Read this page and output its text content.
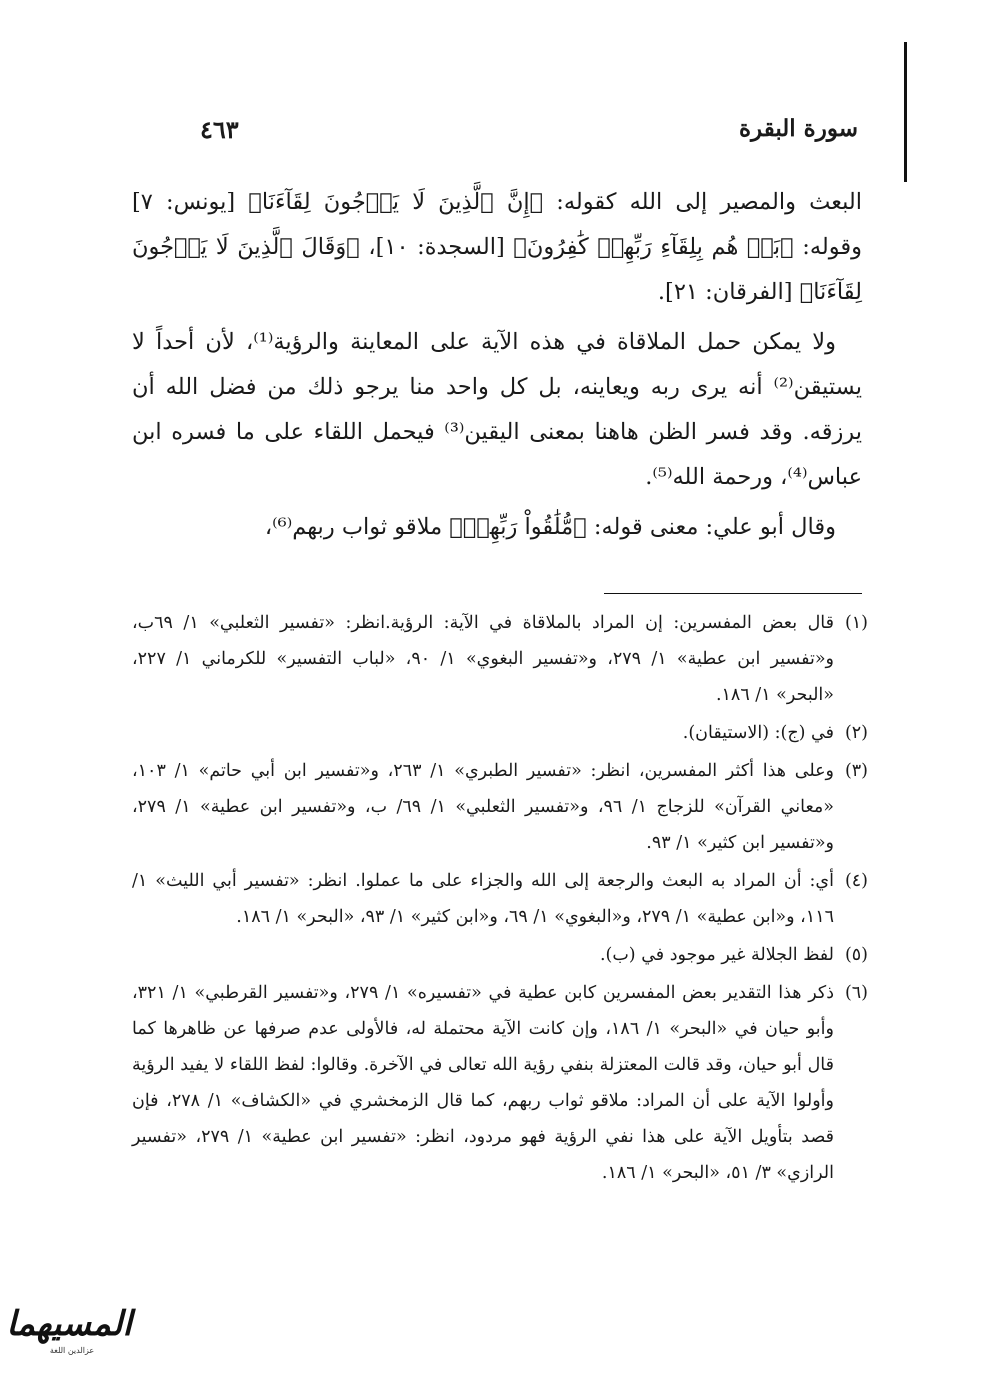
سورة البقرة
٤٦٣

البعث والمصير إلى الله كقوله: ﴿إِنَّ ٱلَّذِينَ لَا يَرۡجُونَ لِقَآءَنَا﴾ [يونس: ٧] وقوله: ﴿بَلۡ هُم بِلِقَآءِ رَبِّهِمۡ كَٰفِرُونَ﴾ [السجدة: ١٠]، ﴿وَقَالَ ٱلَّذِينَ لَا يَرۡجُونَ لِقَآءَنَا﴾ [الفرقان: ٢١].

ولا يمكن حمل الملاقاة في هذه الآية على المعاينة والرؤية⁽¹⁾، لأن أحداً لا يستيقن⁽²⁾ أنه يرى ربه ويعاينه، بل كل واحد منا يرجو ذلك من فضل الله أن يرزقه. وقد فسر الظن هاهنا بمعنى اليقين⁽³⁾ فيحمل اللقاء على ما فسره ابن عباس⁽⁴⁾، ورحمة الله⁽⁵⁾.

وقال أبو علي: معنى قوله: ﴿مُّلَٰقُواْ رَبِّهِمۡ﴾ ملاقو ثواب ربهم⁽⁶⁾،

(١)
قال بعض المفسرين: إن المراد بالملاقاة في الآية: الرؤية.انظر: «تفسير الثعلبي» ١/ ٦٩ب، و«تفسير ابن عطية» ١/ ٢٧٩، و«تفسير البغوي» ١/ ٩٠، «لباب التفسير» للكرماني ١/ ٢٢٧، «البحر» ١/ ١٨٦.
(٢)
في (ج): (الاستيقان).
(٣)
وعلى هذا أكثر المفسرين، انظر: «تفسير الطبري» ١/ ٢٦٣، و«تفسير ابن أبي حاتم» ١/ ١٠٣، «معاني القرآن» للزجاج ١/ ٩٦، و«تفسير الثعلبي» ١/ ٦٩/ ب، و«تفسير ابن عطية» ١/ ٢٧٩، و«تفسير ابن كثير» ١/ ٩٣.
(٤)
أي: أن المراد به البعث والرجعة إلى الله والجزاء على ما عملوا. انظر: «تفسير أبي الليث» ١/ ١١٦، و«ابن عطية» ١/ ٢٧٩، و«البغوي» ١/ ٦٩، و«ابن كثير» ١/ ٩٣، «البحر» ١/ ١٨٦.
(٥)
لفظ الجلالة غير موجود في (ب).
(٦)
ذكر هذا التقدير بعض المفسرين كابن عطية في «تفسيره» ١/ ٢٧٩، و«تفسير القرطبي» ١/ ٣٢١، وأبو حيان في «البحر» ١/ ١٨٦، وإن كانت الآية محتملة له، فالأولى عدم صرفها عن ظاهرها كما قال أبو حيان، وقد قالت المعتزلة بنفي رؤية الله تعالى في الآخرة. وقالوا: لفظ اللقاء لا يفيد الرؤية وأولوا الآية على أن المراد: ملاقو ثواب ربهم، كما قال الزمخشري في «الكشاف» ١/ ٢٧٨، فإن قصد بتأويل الآية على هذا نفي الرؤية فهو مردود، انظر: «تفسير ابن عطية» ١/ ٢٧٩، «تفسير الرازي» ٣/ ٥١، «البحر» ١/ ١٨٦.
المسيهما
عزالدين اللغة
